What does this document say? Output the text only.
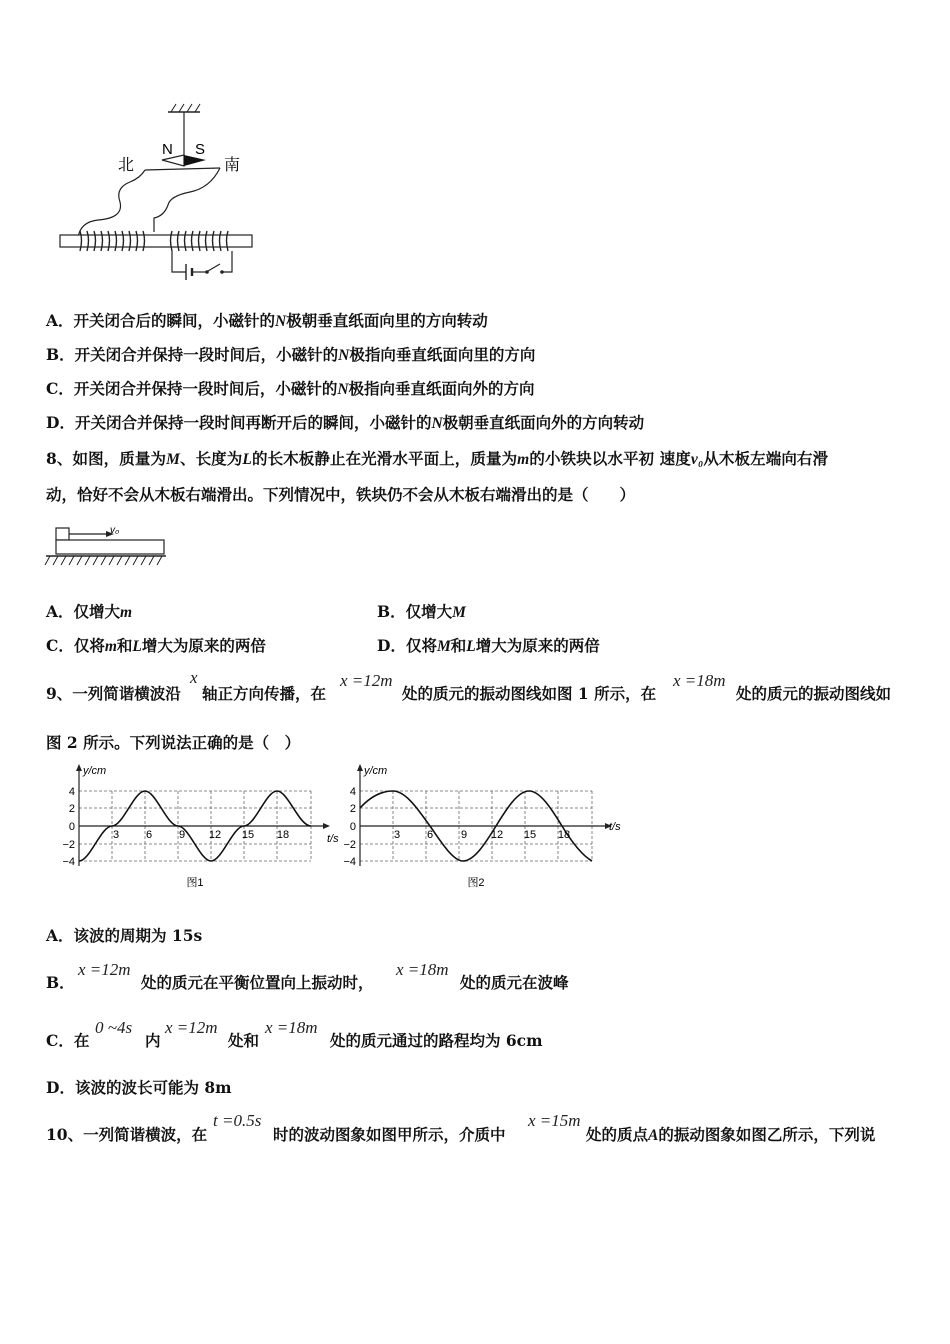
N S
北	南
A．开关闭合后的瞬间，小磁针的N极朝垂直纸面向里的方向转动
B．开关闭合并保持一段时间后，小磁针的N极指向垂直纸面向里的方向
C．开关闭合并保持一段时间后，小磁针的N极指向垂直纸面向外的方向
D．开关闭合并保持一段时间再断开后的瞬间，小磁针的N极朝垂直纸面向外的方向转动
8、如图，质量为M、长度为L的长木板静止在光滑水平面上，质量为m的小铁块以水平初 速度v₀从木板左端向右滑
动，恰好不会从木板右端滑出。下列情况中，铁块仍不会从木板右端滑出的是（　　）
v₀
A．仅增大m	B．仅增大M
C．仅将m和L增大为原来的两倍	D．仅将M和L增大为原来的两倍
9、一列简谐横波沿
x
轴正方向传播，在
x =12m
处的质元的振动图线如图 1 所示，在
x =18m
处的质元的振动图线如
图 2 所示。下列说法正确的是（　）
y/cm
t/s
4
2
0
−2
−4
3 6 9 12 15 18
图1
y/cm
t/s
4
2
0
−2
−4
3 6	9 12 15 18
图2
A．该波的周期为 15s
B．
x =12m
处的质元在平衡位置向上振动时，
x =18m
处的质元在波峰
C．在
0 ~4s
内
x =12m
处和
x =18m
处的质元通过的路程均为 6cm
D．该波的波长可能为 8m
10、一列简谐横波，在
t =0.5s
时的波动图象如图甲所示，介质中
x =15m
处的质点A的振动图象如图乙所示，下列说
